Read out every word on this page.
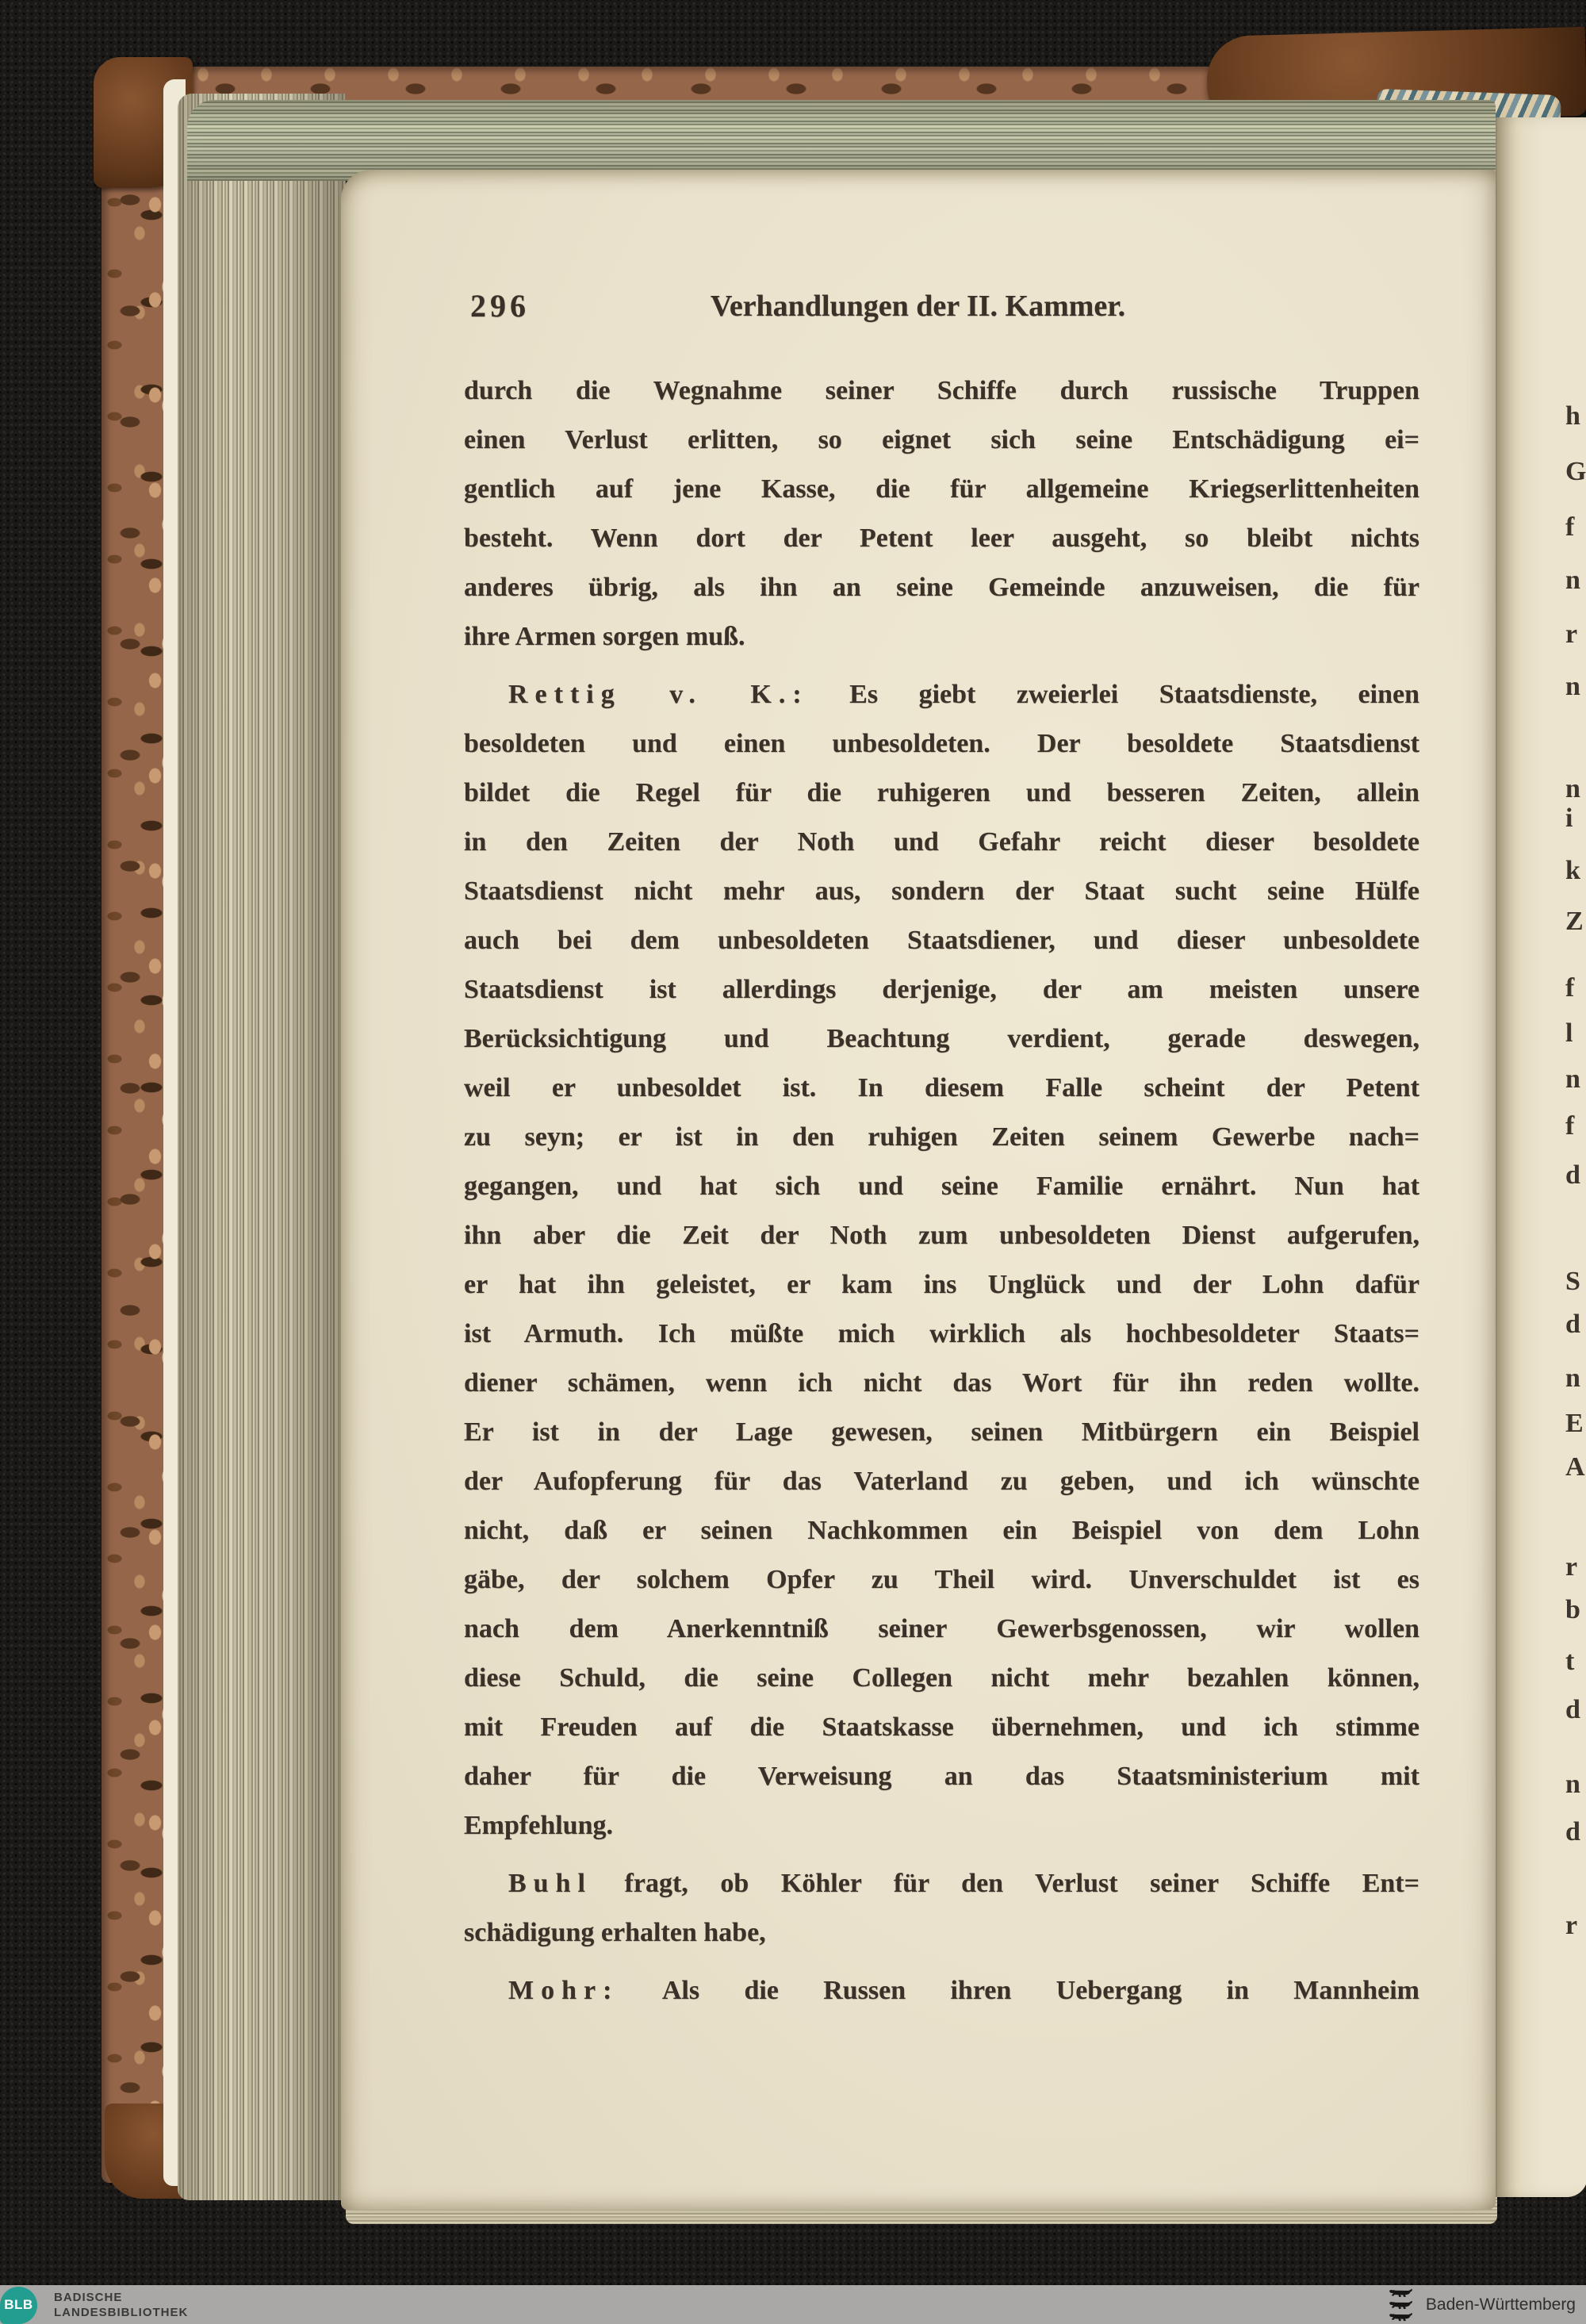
296	Verhandlungen der II. Kammer.
durch die Wegnahme seiner Schiffe durch russische Truppen
einen Verlust erlitten, so eignet sich seine Entschädigung ei=
gentlich auf jene Kasse, die für allgemeine Kriegserlittenheiten
besteht. Wenn dort der Petent leer ausgeht, so bleibt nichts
anderes übrig, als ihn an seine Gemeinde anzuweisen, die für
ihre Armen sorgen muß.
Rettig v. K.: Es giebt zweierlei Staatsdienste, einen
besoldeten und einen unbesoldeten. Der besoldete Staatsdienst
bildet die Regel für die ruhigeren und besseren Zeiten, allein
in den Zeiten der Noth und Gefahr reicht dieser besoldete
Staatsdienst nicht mehr aus, sondern der Staat sucht seine Hülfe
auch bei dem unbesoldeten Staatsdiener, und dieser unbesoldete
Staatsdienst ist allerdings derjenige, der am meisten unsere
Berücksichtigung und Beachtung verdient, gerade deswegen,
weil er unbesoldet ist. In diesem Falle scheint der Petent
zu seyn; er ist in den ruhigen Zeiten seinem Gewerbe nach=
gegangen, und hat sich und seine Familie ernährt. Nun hat
ihn aber die Zeit der Noth zum unbesoldeten Dienst aufgerufen,
er hat ihn geleistet, er kam ins Unglück und der Lohn dafür
ist Armuth. Ich müßte mich wirklich als hochbesoldeter Staats=
diener schämen, wenn ich nicht das Wort für ihn reden wollte.
Er ist in der Lage gewesen, seinen Mitbürgern ein Beispiel
der Aufopferung für das Vaterland zu geben, und ich wünschte
nicht, daß er seinen Nachkommen ein Beispiel von dem Lohn
gäbe, der solchem Opfer zu Theil wird. Unverschuldet ist es
nach dem Anerkenntniß seiner Gewerbsgenossen, wir wollen
diese Schuld, die seine Collegen nicht mehr bezahlen können,
mit Freuden auf die Staatskasse übernehmen, und ich stimme
daher für die Verweisung an das Staatsministerium mit
Empfehlung.
Buhl fragt, ob Köhler für den Verlust seiner Schiffe Ent=
schädigung erhalten habe,
Mohr: Als die Russen ihren Uebergang in Mannheim
h
G
f
n
r
n
n
i
k
Z
f
l
n
f
d
S
d
n
E
A
r
b
t
d
n
d
r
BLB	BADISCHE
LANDESBIBLIOTHEK	Baden-Württemberg
